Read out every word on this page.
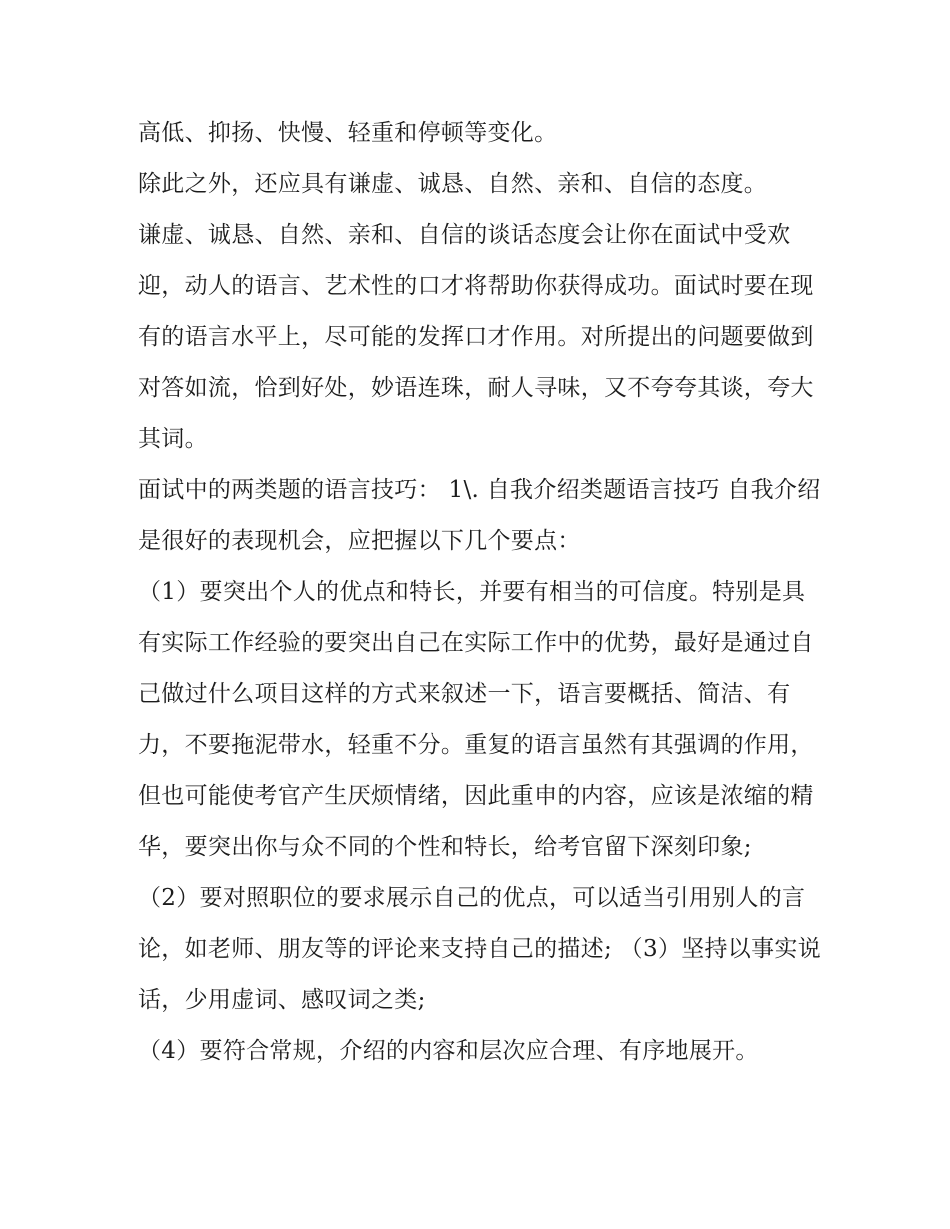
高低、抑扬、快慢、轻重和停顿等变化。

除此之外，还应具有谦虚、诚恳、自然、亲和、自信的态度。

谦虚、诚恳、自然、亲和、自信的谈话态度会让你在面试中受欢迎，动人的语言、艺术性的口才将帮助你获得成功。面试时要在现有的语言水平上，尽可能的发挥口才作用。对所提出的问题要做到对答如流，恰到好处，妙语连珠，耐人寻味，又不夸夸其谈，夸大其词。

面试中的两类题的语言技巧： 1\. 自我介绍类题语言技巧 自我介绍是很好的表现机会，应把握以下几个要点：

（1）要突出个人的优点和特长，并要有相当的可信度。特别是具有实际工作经验的要突出自己在实际工作中的优势，最好是通过自己做过什么项目这样的方式来叙述一下，语言要概括、简洁、有力，不要拖泥带水，轻重不分。重复的语言虽然有其强调的作用，但也可能使考官产生厌烦情绪，因此重申的内容，应该是浓缩的精华，要突出你与众不同的个性和特长，给考官留下深刻印象;

（2）要对照职位的要求展示自己的优点，可以适当引用别人的言论，如老师、朋友等的评论来支持自己的描述; （3）坚持以事实说话，少用虚词、感叹词之类;

（4）要符合常规，介绍的内容和层次应合理、有序地展开。
